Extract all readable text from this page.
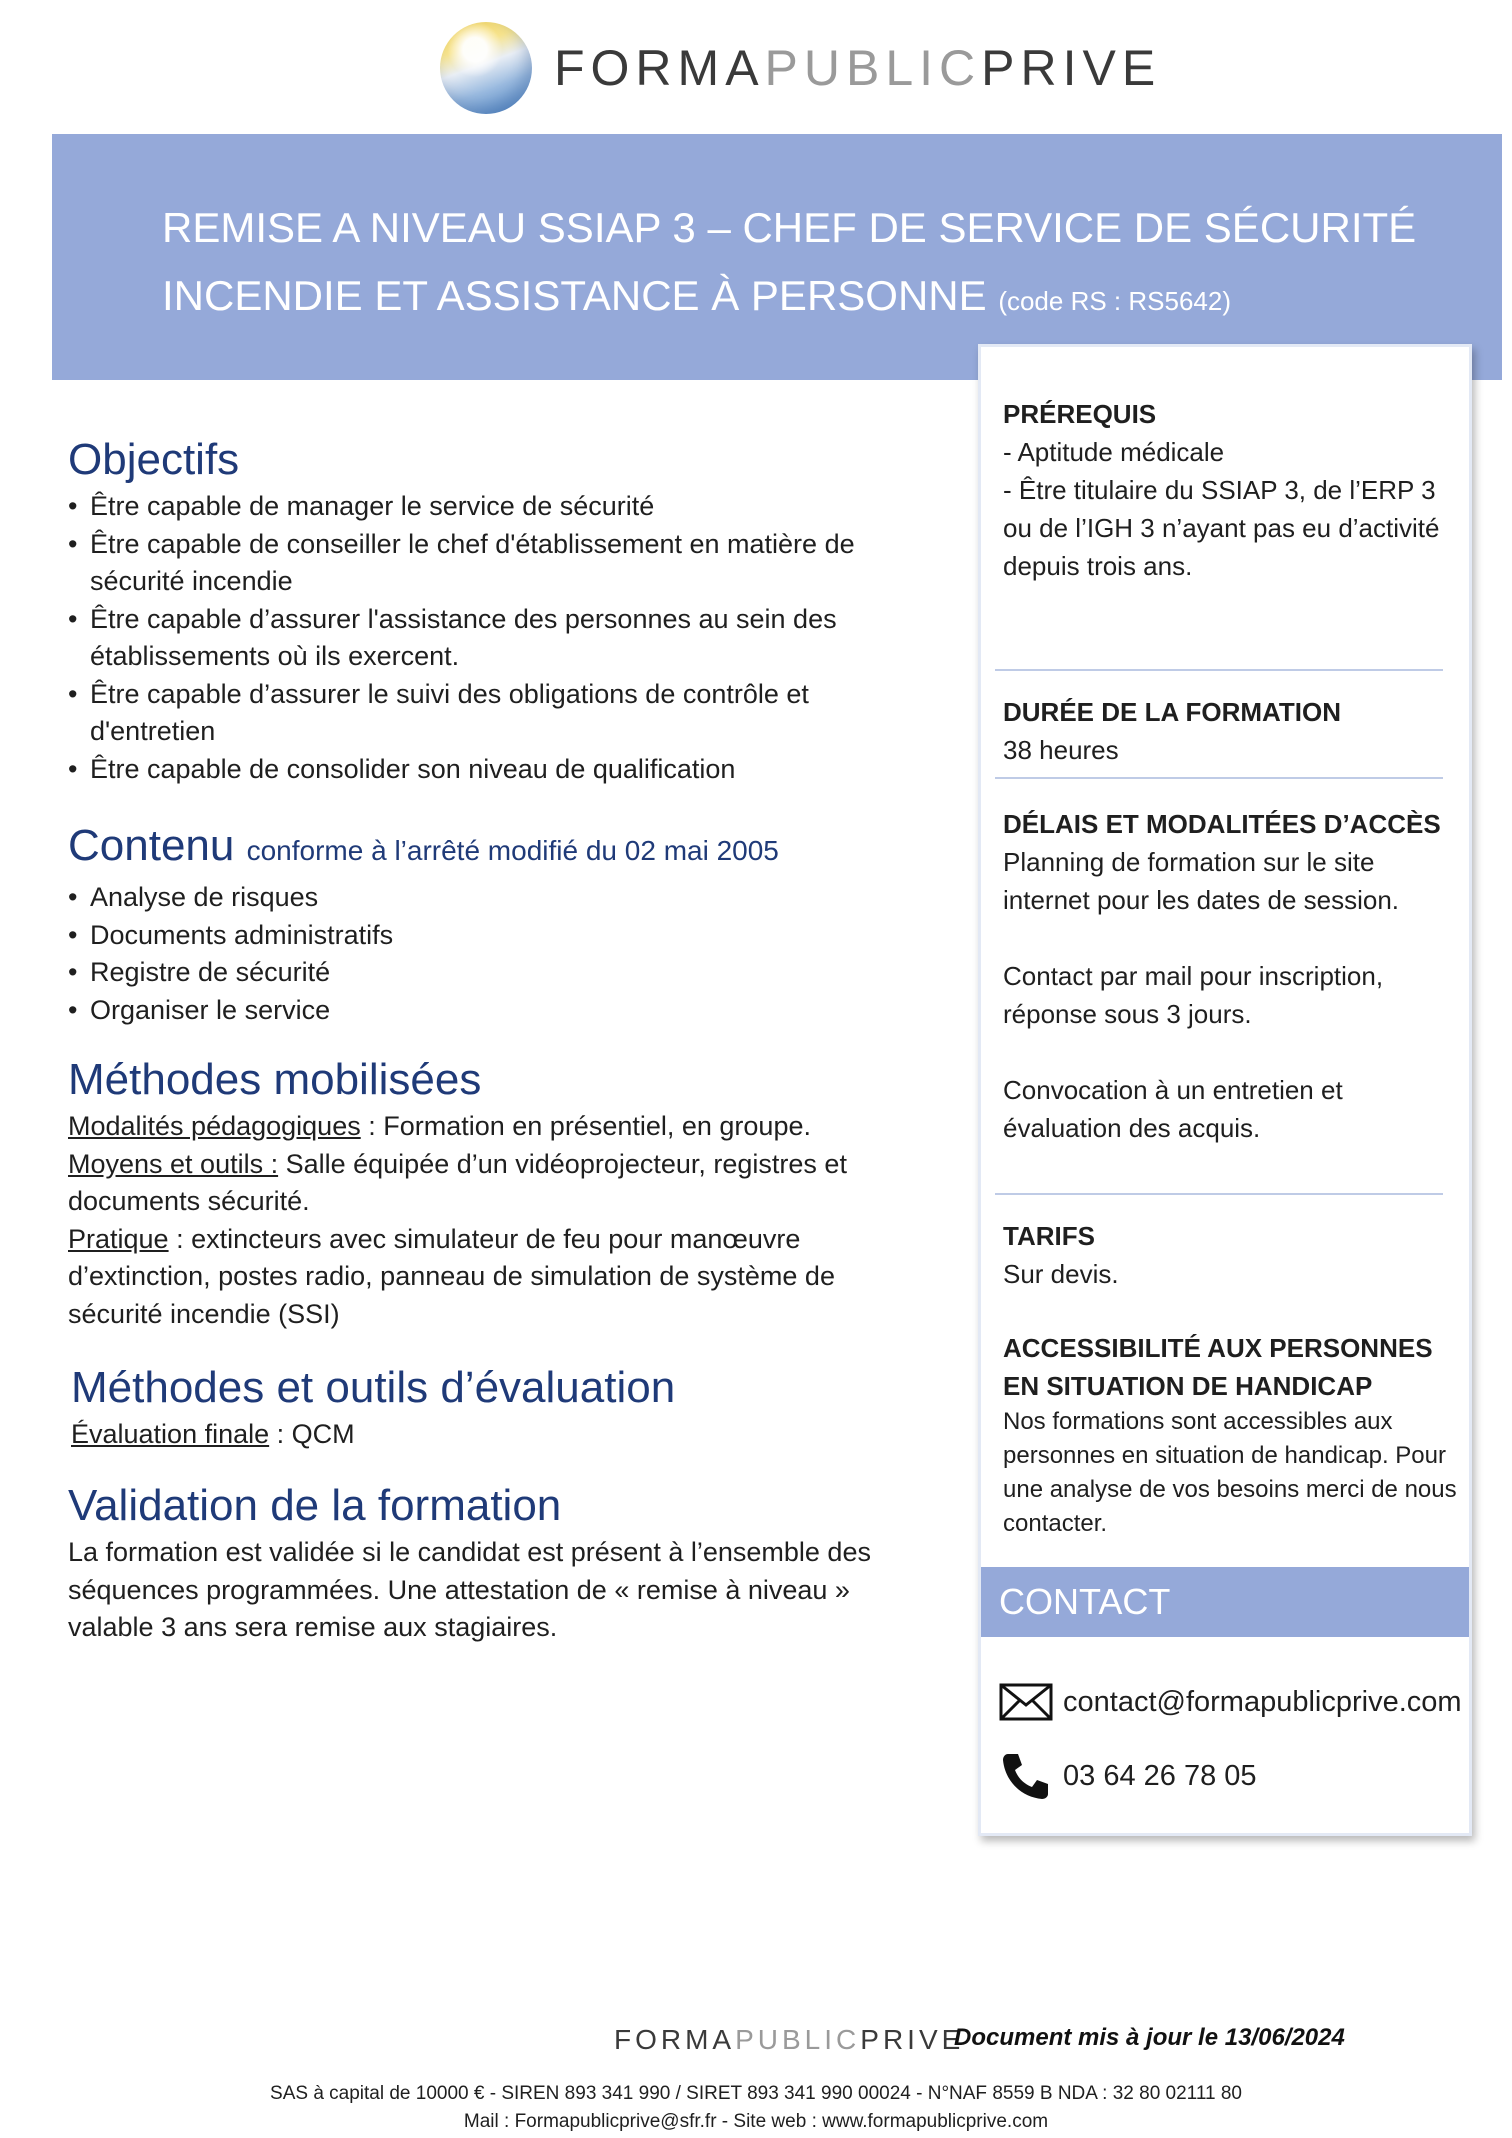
FORMAPUBLICPRIVE
REMISE A NIVEAU SSIAP 3 – CHEF DE SERVICE DE SÉCURITÉ INCENDIE ET ASSISTANCE À PERSONNE (code RS : RS5642)
Objectifs
• Être capable de manager le service de sécurité
• Être capable de conseiller le chef d'établissement en matière de sécurité incendie
• Être capable d’assurer l'assistance des personnes au sein des établissements où ils exercent.
• Être capable d’assurer le suivi des obligations de contrôle et d'entretien
• Être capable de consolider son niveau de qualification
Contenu conforme à l’arrêté modifié du 02 mai 2005
• Analyse de risques
• Documents administratifs
• Registre de sécurité
• Organiser le service
Méthodes mobilisées
Modalités pédagogiques : Formation en présentiel, en groupe.
Moyens et outils : Salle équipée d’un vidéoprojecteur, registres et documents sécurité.
Pratique : extincteurs avec simulateur de feu pour manœuvre d’extinction, postes radio, panneau de simulation de système de sécurité incendie (SSI)
Méthodes et outils d’évaluation
Évaluation finale : QCM
Validation de la formation
La formation est validée si le candidat est présent à l’ensemble des séquences programmées. Une attestation de « remise à niveau » valable 3 ans sera remise aux stagiaires.
PRÉREQUIS
- Aptitude médicale
- Être titulaire du SSIAP 3, de l’ERP 3 ou de l’IGH 3 n’ayant pas eu d’activité depuis trois ans.
DURÉE DE LA FORMATION
38 heures
DÉLAIS ET MODALITÉES D’ACCÈS
Planning de formation sur le site internet pour les dates de session.
Contact par mail pour inscription, réponse sous 3 jours.
Convocation à un entretien et évaluation des acquis.
TARIFS
Sur devis.
ACCESSIBILITÉ AUX PERSONNES EN SITUATION DE HANDICAP
Nos formations sont accessibles aux personnes en situation de handicap. Pour une analyse de vos besoins merci de nous contacter.
CONTACT
contact@formapublicprive.com
03 64 26 78 05
FORMAPUBLICPRIVE
Document mis à jour le 13/06/2024
SAS à capital de 10000 € - SIREN 893 341 990 / SIRET 893 341 990 00024 - N°NAF 8559 B NDA : 32 80 02111 80
Mail : Formapublicprive@sfr.fr - Site web : www.formapublicprive.com
